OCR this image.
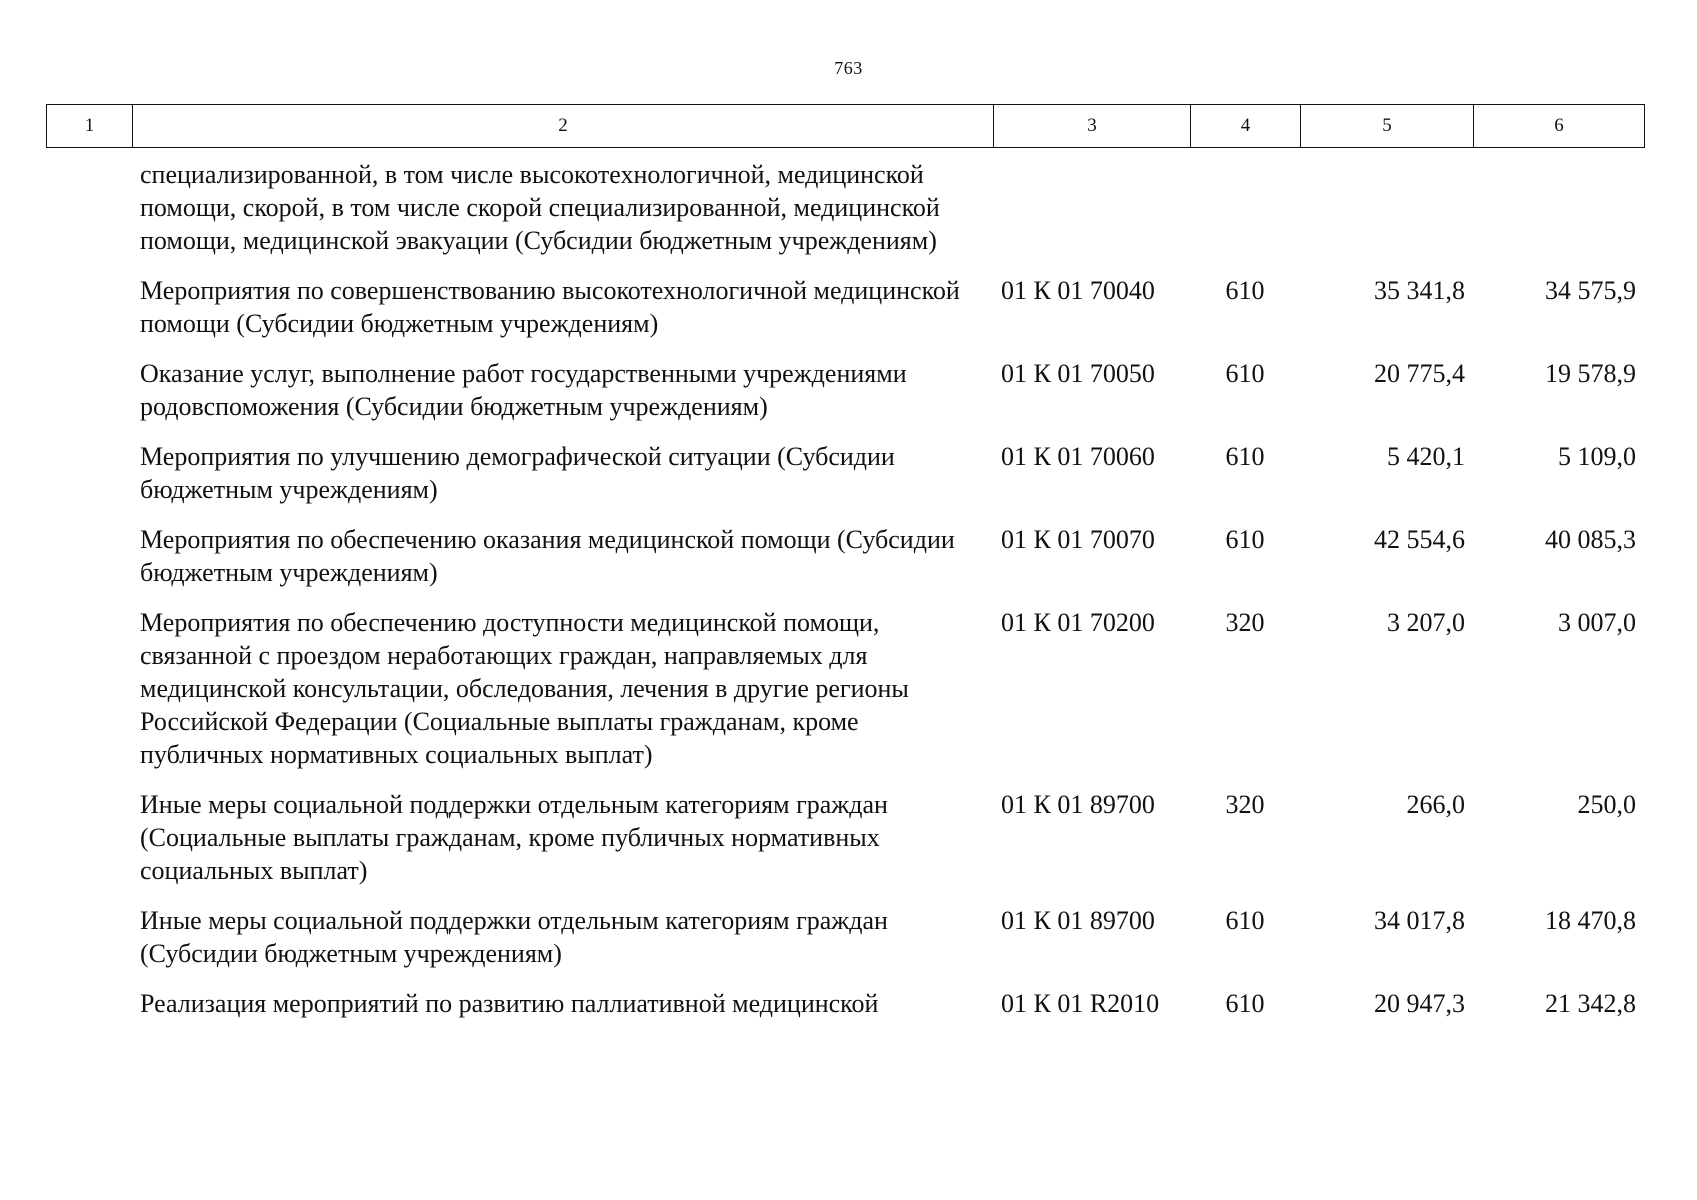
763
1	2	3	4	5	6
	специализированной, в том числе высокотехнологичной, медицинской помощи, скорой, в том числе скорой специализированной, медицинской помощи, медицинской эвакуации (Субсидии бюджетным учреждениям)				
	Мероприятия по совершенствованию высокотехнологичной медицинской помощи (Субсидии бюджетным учреждениям)	01 К 01 70040	610	35 341,8	34 575,9
	Оказание услуг, выполнение работ государственными учреждениями родовспоможения (Субсидии бюджетным учреждениям)	01 К 01 70050	610	20 775,4	19 578,9
	Мероприятия по улучшению демографической ситуации (Субсидии бюджетным учреждениям)	01 К 01 70060	610	5 420,1	5 109,0
	Мероприятия по обеспечению оказания медицинской помощи (Субсидии бюджетным учреждениям)	01 К 01 70070	610	42 554,6	40 085,3
	Мероприятия по обеспечению доступности медицинской помощи, связанной с проездом неработающих граждан, направляемых для медицинской консультации, обследования, лечения в другие регионы Российской Федерации (Социальные выплаты гражданам, кроме публичных нормативных социальных выплат)	01 К 01 70200	320	3 207,0	3 007,0
	Иные меры социальной поддержки отдельным категориям граждан (Социальные выплаты гражданам, кроме публичных нормативных социальных выплат)	01 К 01 89700	320	266,0	250,0
	Иные меры социальной поддержки отдельным категориям граждан (Субсидии бюджетным учреждениям)	01 К 01 89700	610	34 017,8	18 470,8
	Реализация мероприятий по развитию паллиативной медицинской	01 К 01 R2010	610	20 947,3	21 342,8
